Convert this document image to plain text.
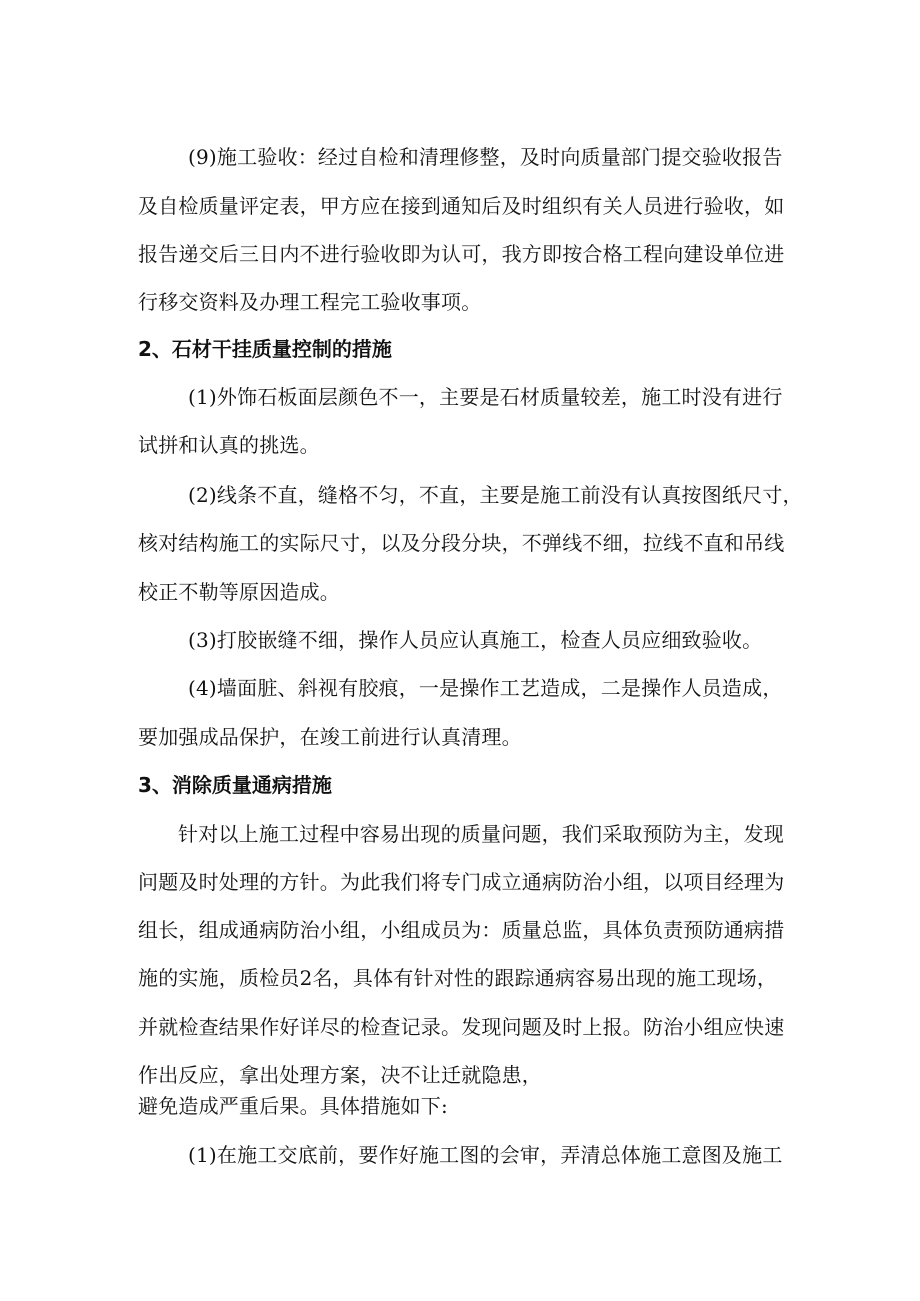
(9)施工验收：经过自检和清理修整，及时向质量部门提交验收报告
及自检质量评定表，甲方应在接到通知后及时组织有关人员进行验收，如
报告递交后三日内不进行验收即为认可，我方即按合格工程向建设单位进
行移交资料及办理工程完工验收事项。
2、石材干挂质量控制的措施
(1)外饰石板面层颜色不一，主要是石材质量较差，施工时没有进行
试拼和认真的挑选。
(2)线条不直，缝格不匀，不直，主要是施工前没有认真按图纸尺寸，
核对结构施工的实际尺寸，以及分段分块，不弹线不细，拉线不直和吊线
校正不勒等原因造成。
(3)打胶嵌缝不细，操作人员应认真施工，检查人员应细致验收。
(4)墙面脏、斜视有胶痕，一是操作工艺造成，二是操作人员造成，
要加强成品保护，在竣工前进行认真清理。
3、消除质量通病措施
针对以上施工过程中容易出现的质量问题，我们采取预防为主，发现
问题及时处理的方针。为此我们将专门成立通病防治小组，以项目经理为
组长，组成通病防治小组，小组成员为：质量总监，具体负责预防通病措
施的实施，质检员2名，具体有针对性的跟踪通病容易出现的施工现场，
并就检查结果作好详尽的检查记录。发现问题及时上报。防治小组应快速
作出反应，拿出处理方案，决不让迁就隐患，
避免造成严重后果。具体措施如下:
(1)在施工交底前，要作好施工图的会审，弄清总体施工意图及施工
